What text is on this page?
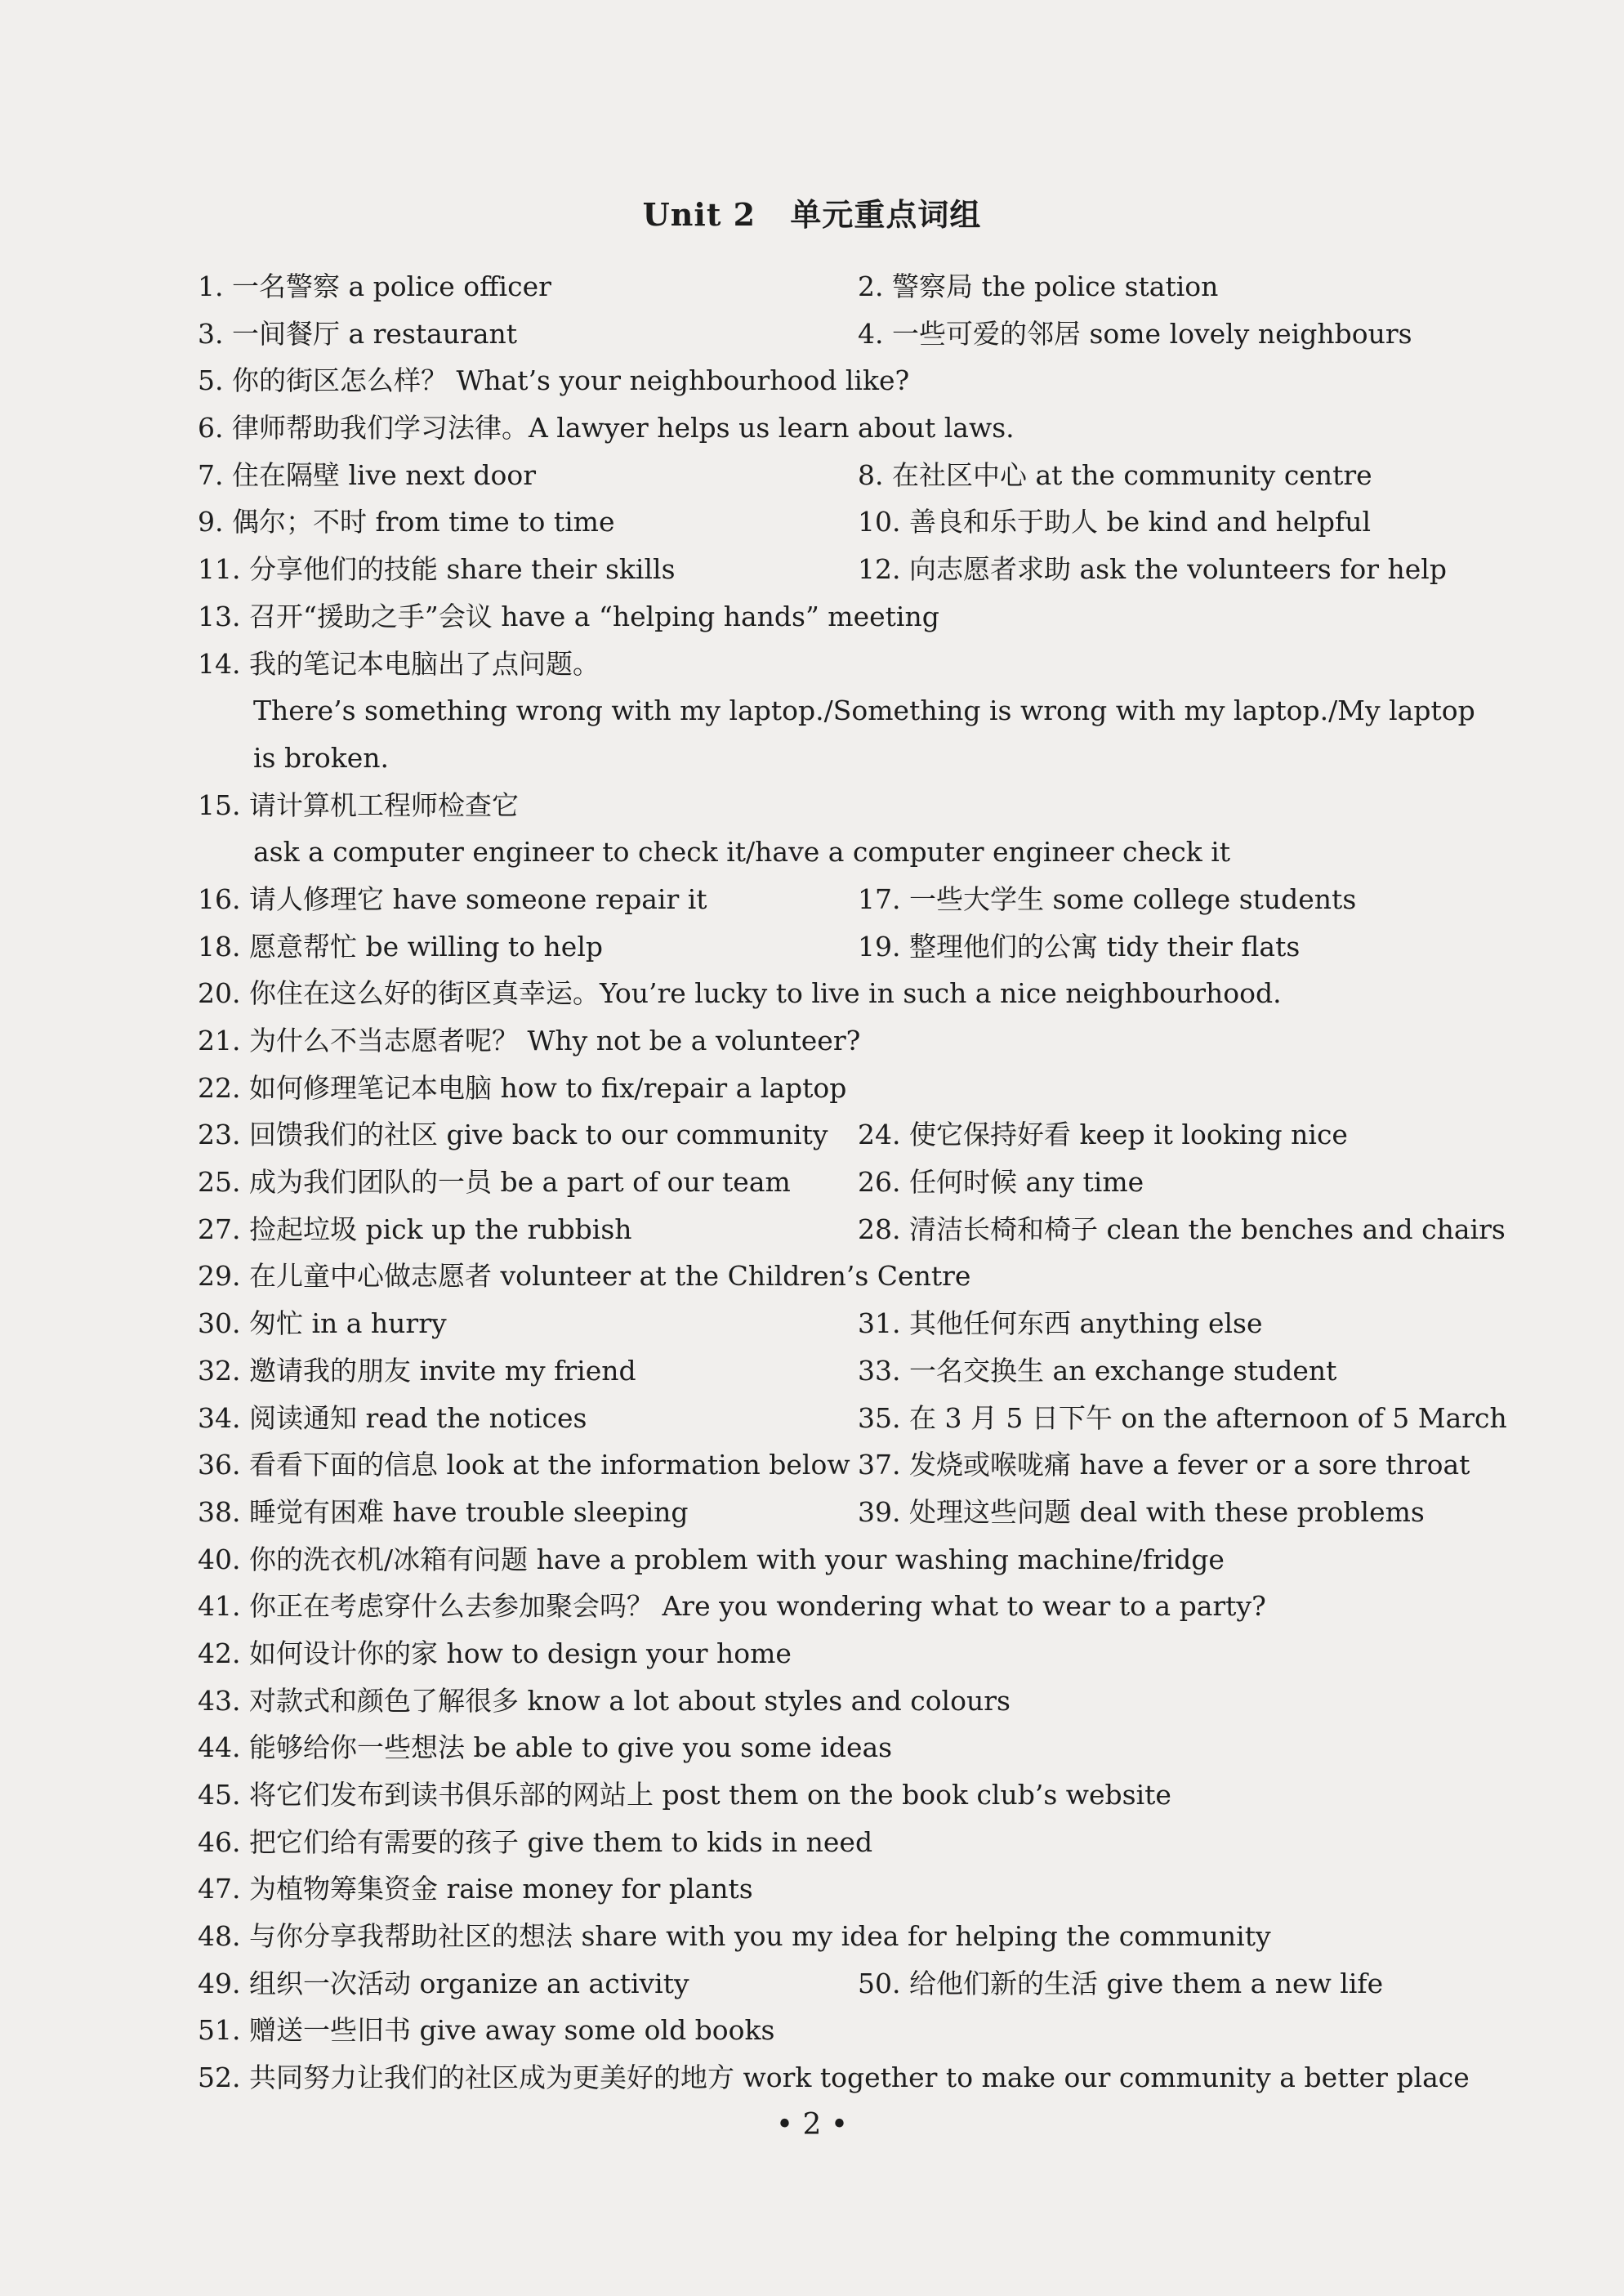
Unit 2 单元重点词组
1. 一名警察 a police officer	2. 警察局 the police station
3. 一间餐厅 a restaurant	4. 一些可爱的邻居 some lovely neighbours
5. 你的街区怎么样？ What’s your neighbourhood like?
6. 律师帮助我们学习法律。A lawyer helps us learn about laws.
7. 住在隔壁 live next door	8. 在社区中心 at the community centre
9. 偶尔；不时 from time to time	10. 善良和乐于助人 be kind and helpful
11. 分享他们的技能 share their skills	12. 向志愿者求助 ask the volunteers for help
13. 召开“援助之手”会议 have a “helping hands” meeting
14. 我的笔记本电脑出了点问题。
There’s something wrong with my laptop./Something is wrong with my laptop./My laptop
is broken.
15. 请计算机工程师检查它
ask a computer engineer to check it/have a computer engineer check it
16. 请人修理它 have someone repair it	17. 一些大学生 some college students
18. 愿意帮忙 be willing to help	19. 整理他们的公寓 tidy their flats
20. 你住在这么好的街区真幸运。You’re lucky to live in such a nice neighbourhood.
21. 为什么不当志愿者呢？ Why not be a volunteer?
22. 如何修理笔记本电脑 how to fix/repair a laptop
23. 回馈我们的社区 give back to our community 24. 使它保持好看 keep it looking nice
25. 成为我们团队的一员 be a part of our team 26. 任何时候 any time
27. 捡起垃圾 pick up the rubbish	28. 清洁长椅和椅子 clean the benches and chairs
29. 在儿童中心做志愿者 volunteer at the Children’s Centre
30. 匆忙 in a hurry	31. 其他任何东西 anything else
32. 邀请我的朋友 invite my friend	33. 一名交换生 an exchange student
34. 阅读通知 read the notices	35. 在 3 月 5 日下午 on the afternoon of 5 March
36. 看看下面的信息 look at the information below 37. 发烧或喉咙痛 have a fever or a sore throat
38. 睡觉有困难 have trouble sleeping	39. 处理这些问题 deal with these problems
40. 你的洗衣机/冰箱有问题 have a problem with your washing machine/fridge
41. 你正在考虑穿什么去参加聚会吗？ Are you wondering what to wear to a party?
42. 如何设计你的家 how to design your home
43. 对款式和颜色了解很多 know a lot about styles and colours
44. 能够给你一些想法 be able to give you some ideas
45. 将它们发布到读书俱乐部的网站上 post them on the book club’s website
46. 把它们给有需要的孩子 give them to kids in need
47. 为植物筹集资金 raise money for plants
48. 与你分享我帮助社区的想法 share with you my idea for helping the community
49. 组织一次活动 organize an activity	50. 给他们新的生活 give them a new life
51. 赠送一些旧书 give away some old books
52. 共同努力让我们的社区成为更美好的地方 work together to make our community a better place
• 2 •
